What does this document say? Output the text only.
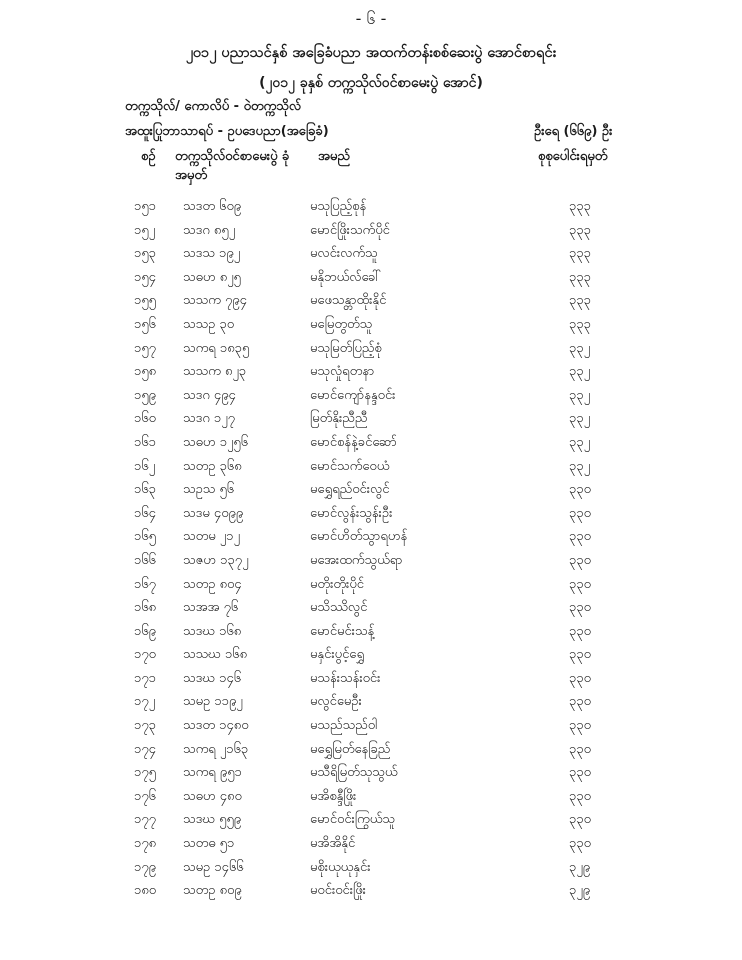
- ၆ -
၂၀၁၂ ပညာသင်နှစ် အခြေခံပညာ အထက်တန်းစစ်ဆေးပွဲ အောင်စာရင်း
(၂၀၁၂ ခုနှစ် တက္ကသိုလ်ဝင်စာမေးပွဲ အောင်)
တက္ကသိုလ်/ ကောလိပ် - ဝဲတက္ကသိုလ်
အထူးပြုဘာသာရပ် - ဥပဒေပညာ(အခြေခံ)	ဦးရေ (၆၆၉) ဦး
စဉ် တက္ကသိုလ်ဝင်စာမေးပွဲ ခုံအမှတ်
အမည်	စုစုပေါင်းရမှတ်
၁၅၁ သဒတ ၆၀၉	မသုပြည့်စုန်	၃၃၃
၁၅၂ သဒဂ ၈၅၂	မောင်ဖြိုးသက်ပိုင်	၃၃၃
၁၅၃ သဒသ ၁၉၂	မလင်းလက်သူ	၃၃၃
၁၅၄ သဓဟ ၈၂၅	မနိုဘယ်လ်ခေါ်	၃၃၃
၁၅၅ သသက ၇၉၄	မဖေသန္တာထိုးနိုင်	၃၃၃
၁၅၆ သသဥ ၃၀	မမြေတွတ်သူ	၃၃၃
၁၅၇ သကရ ၁၈၃၅	မသုမြတ်ပြည့်စုံ	၃၃၂
၁၅၈ သသက ၈၂၃	မသုလှုံရတနာ	၃၃၂
၁၅၉ သဒဂ ၄၉၄	မောင်ကျော်နန္ဒဝင်း	၃၃၂
၁၆၀ သဒဂ ၁၂၇	မြတ်နိုးညီညီ	၃၃၂
၁၆၁ သဓဟ ၁၂၅၆	မောင်စန်နဲ့ခင်ဆော်	၃၃၂
၁၆၂ သတဥ ၃၆၈	မောင်သက်ဝေယံ	၃၃၂
၁၆၃ သဥသ ၅၆	မရွှေရည်ဝင်းလွင်	၃၃၀
၁၆၄ သဒမ ၄၀၉၉	မောင်လွန်းသွန်းဦး	၃၃၀
၁၆၅ သတမ ၂၁၂	မောင်ဟိတ်သွာရဟန်	၃၃၀
၁၆၆ သဇဟ ၁၃၇၂	မအေးထက်သွယ်ရာ	၃၃၀
၁၆၇ သတဥ ၈၀၄	မတိုးတိုးပိုင်	၃၃၀
၁၆၈ သအအ ၇၆	မသိဿိလွင်	၃၃၀
၁၆၉ သဒဃ ၁၆၈	မောင်မင်းသန့်	၃၃၀
၁၇၀ သသဃ ၁၆၈	မနှင်းပွင့်ရွှေ	၃၃၀
၁၇၁ သဒဃ ၁၄၆	မသန်းသန်းဝင်း	၃၃၀
၁၇၂ သမဥ ၁၁၉၂	မလွင်မေဦး	၃၃၀
၁၇၃ သဒတ ၁၄၈၀	မသည်သည်ဝါ	၃၃၀
၁၇၄ သကရ ၂၁၆၃	မရွှေမြတ်နေခြည်	၃၃၀
၁၇၅ သကရ ၉၅၁	မသီရိမြတ်သုသွယ်	၃၃၀
၁၇၆ သဓဟ ၄၈၀	မအိစန္ဒီဖြိုး	၃၃၀
၁၇၇ သဒဃ ၅၅၉	မောင်ဝင်းကြွယ်သူ	၃၃၀
၁၇၈ သတဓ ၅၁	မအိအိနိုင်	၃၃၀
၁၇၉ သမဥ ၁၄၆၆	မစိုးယုယုနှင်း	၃၂၉
၁၈၀ သတဥ ၈၀၉	မဝင်းဝင်းဖြိုး	၃၂၉
